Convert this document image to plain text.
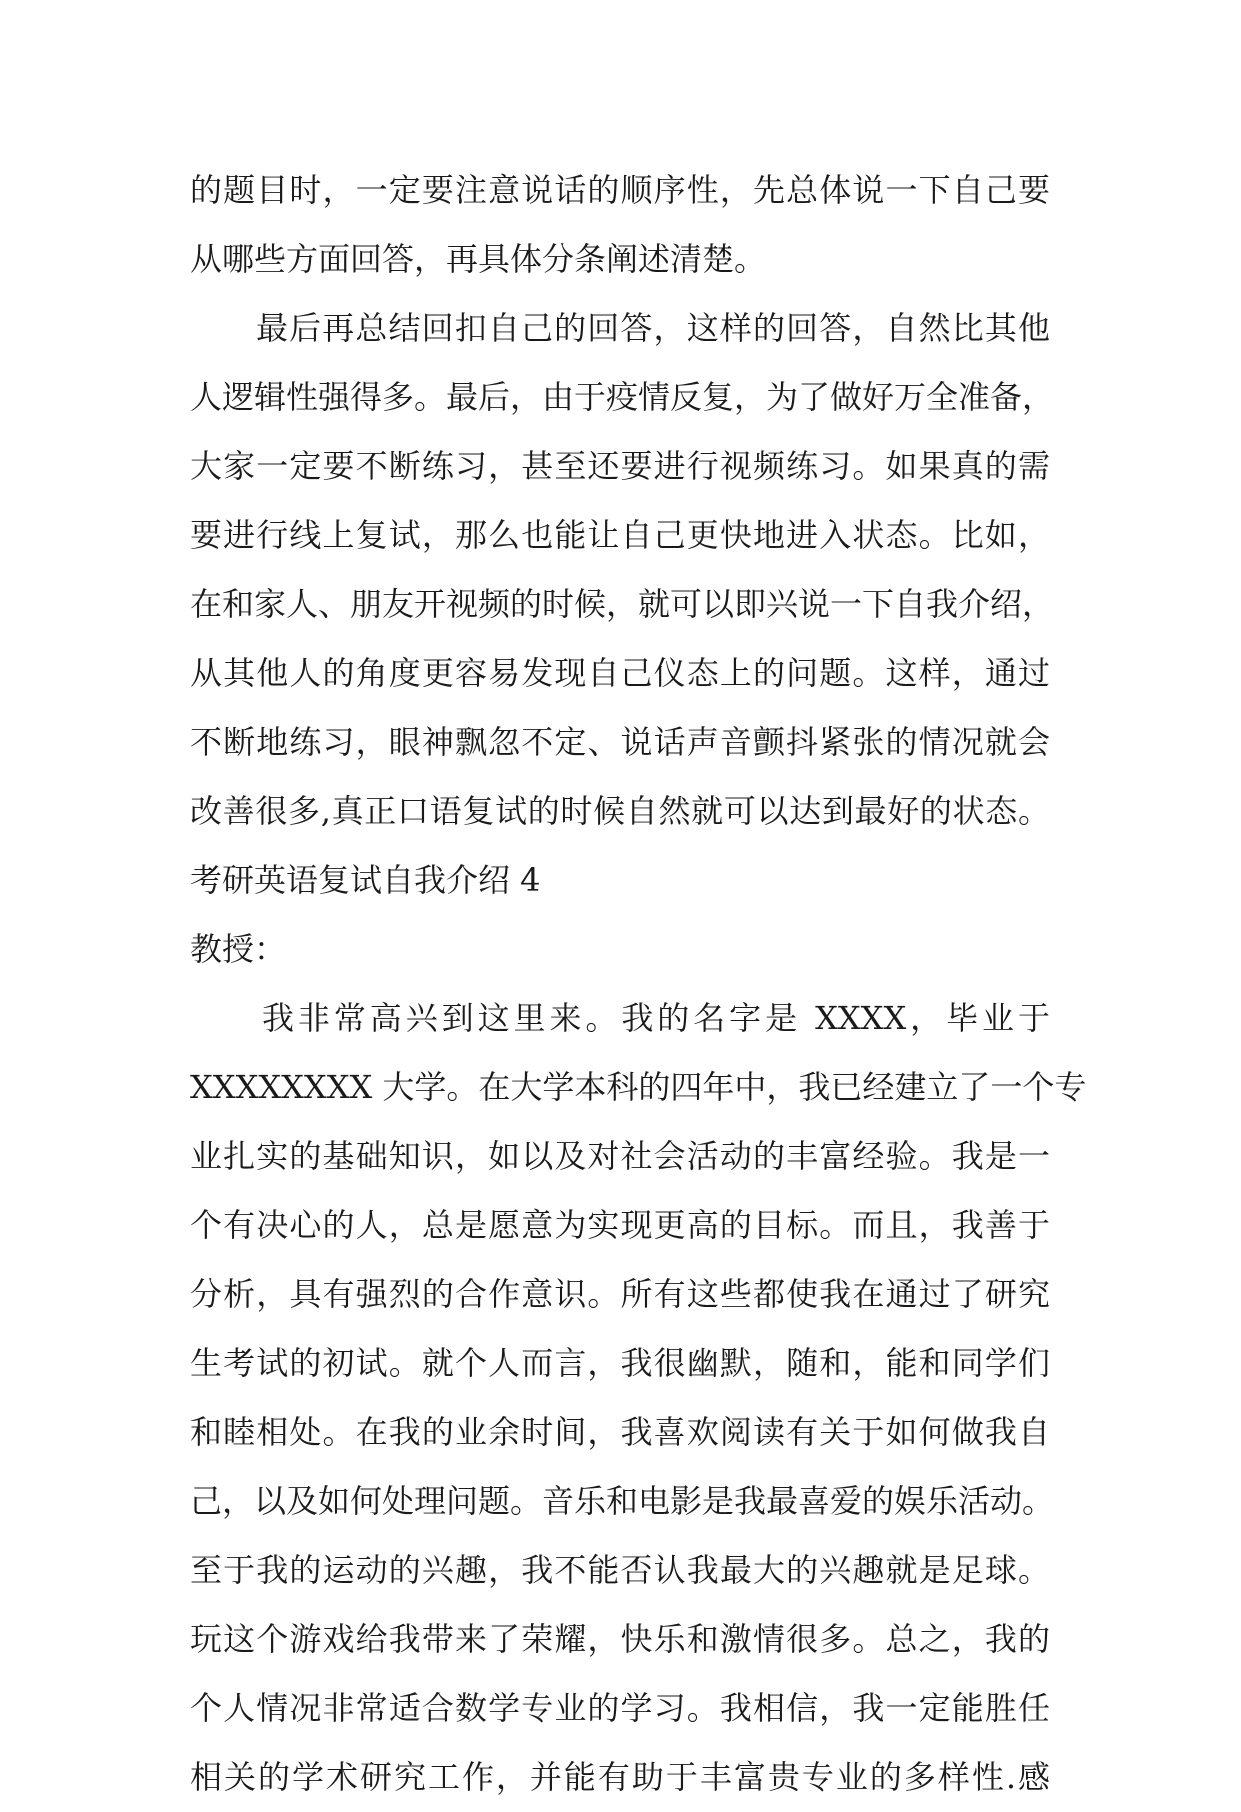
的题目时，一定要注意说话的顺序性，先总体说一下自己要
从哪些方面回答，再具体分条阐述清楚。
最后再总结回扣自己的回答，这样的回答，自然比其他
人逻辑性强得多。最后，由于疫情反复，为了做好万全准备，
大家一定要不断练习，甚至还要进行视频练习。如果真的需
要进行线上复试，那么也能让自己更快地进入状态。比如，
在和家人、朋友开视频的时候，就可以即兴说一下自我介绍，
从其他人的角度更容易发现自己仪态上的问题。这样，通过
不断地练习，眼神飘忽不定、说话声音颤抖紧张的情况就会
改善很多,真正口语复试的时候自然就可以达到最好的状态。
考研英语复试自我介绍 4
教授：
我非常高兴到这里来。我的名字是 XXXX，毕业于
XXXXXXXX 大学。在大学本科的四年中，我已经建立了一个专
业扎实的基础知识，如以及对社会活动的丰富经验。我是一
个有决心的人，总是愿意为实现更高的目标。而且，我善于
分析，具有强烈的合作意识。所有这些都使我在通过了研究
生考试的初试。就个人而言，我很幽默，随和，能和同学们
和睦相处。在我的业余时间，我喜欢阅读有关于如何做我自
己，以及如何处理问题。音乐和电影是我最喜爱的娱乐活动。
至于我的运动的兴趣，我不能否认我最大的兴趣就是足球。
玩这个游戏给我带来了荣耀，快乐和激情很多。总之，我的
个人情况非常适合数学专业的学习。我相信，我一定能胜任
相关的学术研究工作，并能有助于丰富贵专业的多样性.感
